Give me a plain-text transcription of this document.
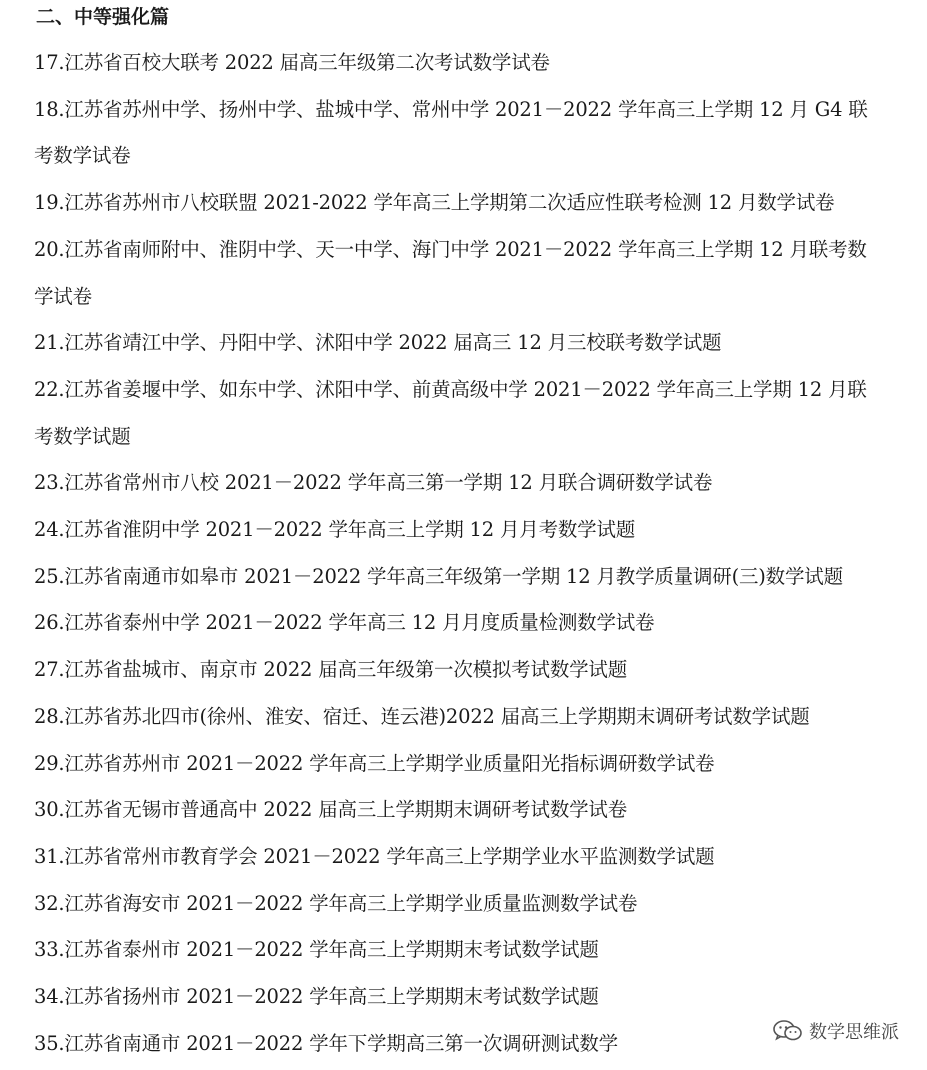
二、中等强化篇
17.江苏省百校大联考 2022 届高三年级第二次考试数学试卷
18.江苏省苏州中学、扬州中学、盐城中学、常州中学 2021－2022 学年高三上学期 12 月 G4 联考数学试卷
19.江苏省苏州市八校联盟 2021-2022 学年高三上学期第二次适应性联考检测 12 月数学试卷
20.江苏省南师附中、淮阴中学、天一中学、海门中学 2021－2022 学年高三上学期 12 月联考数学试卷
21.江苏省靖江中学、丹阳中学、沭阳中学 2022 届高三 12 月三校联考数学试题
22.江苏省姜堰中学、如东中学、沭阳中学、前黄高级中学 2021－2022 学年高三上学期 12 月联考数学试题
23.江苏省常州市八校 2021－2022 学年高三第一学期 12 月联合调研数学试卷
24.江苏省淮阴中学 2021－2022 学年高三上学期 12 月月考数学试题
25.江苏省南通市如皋市 2021－2022 学年高三年级第一学期 12 月教学质量调研(三)数学试题
26.江苏省泰州中学 2021－2022 学年高三 12 月月度质量检测数学试卷
27.江苏省盐城市、南京市 2022 届高三年级第一次模拟考试数学试题
28.江苏省苏北四市(徐州、淮安、宿迁、连云港)2022 届高三上学期期末调研考试数学试题
29.江苏省苏州市 2021－2022 学年高三上学期学业质量阳光指标调研数学试卷
30.江苏省无锡市普通高中 2022 届高三上学期期末调研考试数学试卷
31.江苏省常州市教育学会 2021－2022 学年高三上学期学业水平监测数学试题
32.江苏省海安市 2021－2022 学年高三上学期学业质量监测数学试卷
33.江苏省泰州市 2021－2022 学年高三上学期期末考试数学试题
34.江苏省扬州市 2021－2022 学年高三上学期期末考试数学试题
35.江苏省南通市 2021－2022 学年下学期高三第一次调研测试数学	数学思维派
